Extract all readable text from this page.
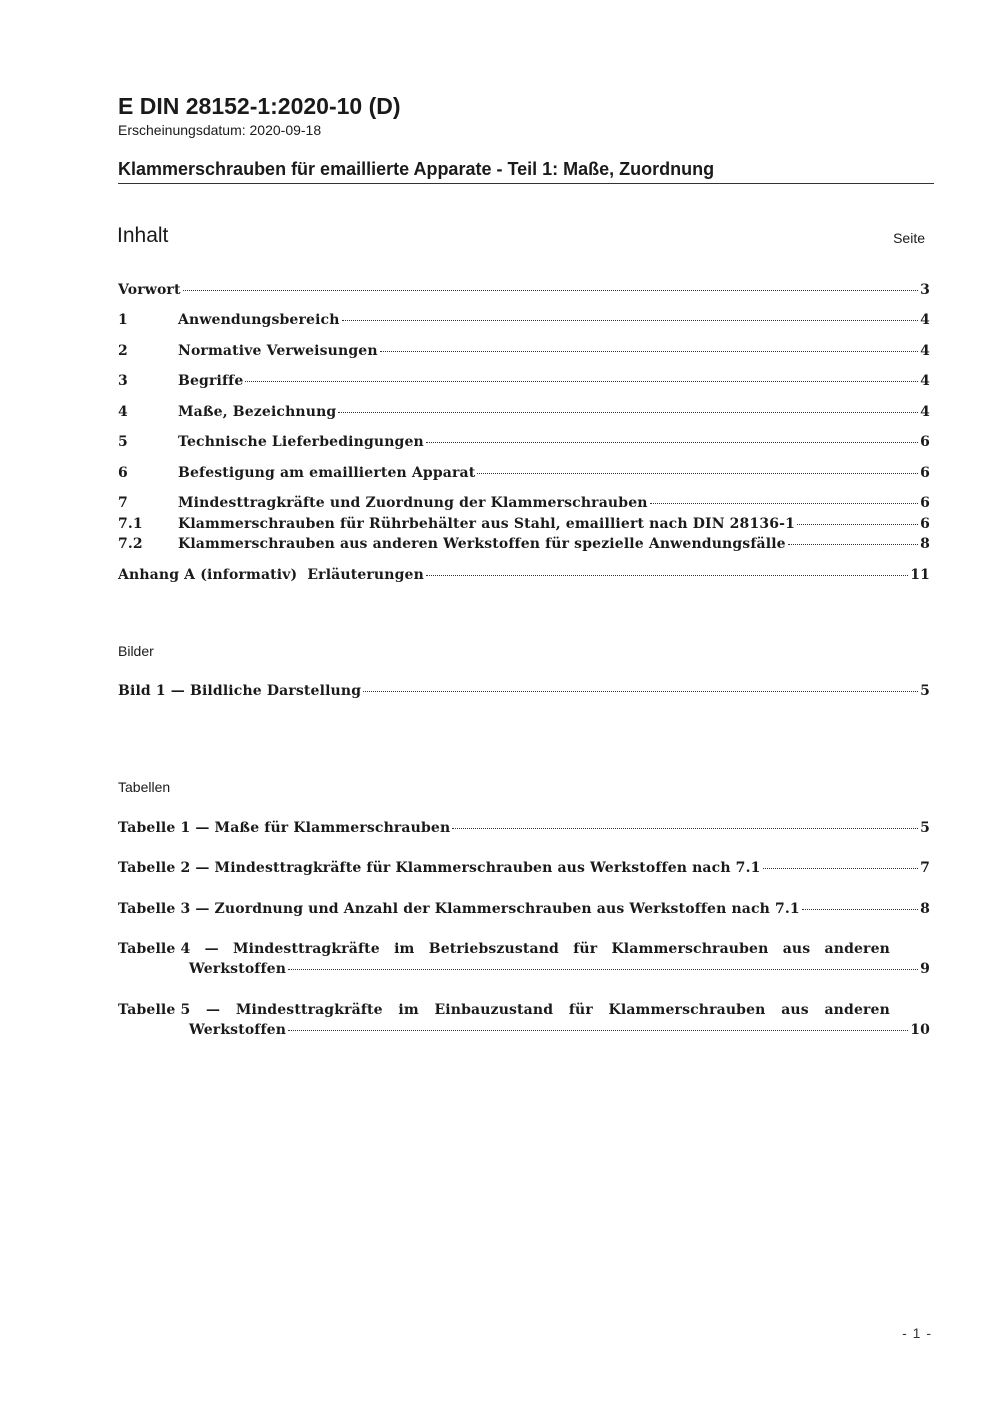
E DIN 28152-1:2020-10 (D)
Erscheinungsdatum: 2020-09-18
Klammerschrauben für emaillierte Apparate - Teil 1: Maße, Zuordnung
Inhalt	Seite
Vorwort	3
1	Anwendungsbereich	4
2	Normative Verweisungen	4
3	Begriffe	4
4	Maße, Bezeichnung	4
5	Technische Lieferbedingungen	6
6	Befestigung am emaillierten Apparat	6
7	Mindesttragkräfte und Zuordnung der Klammerschrauben	6
7.1	Klammerschrauben für Rührbehälter aus Stahl, emailliert nach DIN 28136-1	6
7.2	Klammerschrauben aus anderen Werkstoffen für spezielle Anwendungsfälle	8
Anhang A (informativ)  Erläuterungen	11
Bilder
Bild 1 — Bildliche Darstellung	5
Tabellen
Tabelle 1 — Maße für Klammerschrauben	5
Tabelle 2 — Mindesttragkräfte für Klammerschrauben aus Werkstoffen nach 7.1	7
Tabelle 3 — Zuordnung und Anzahl der Klammerschrauben aus Werkstoffen nach 7.1	8
Tabelle 4 — Mindesttragkräfte im Betriebszustand für Klammerschrauben aus anderen
Werkstoffen	9
Tabelle 5 — Mindesttragkräfte im Einbauzustand für Klammerschrauben aus anderen
Werkstoffen	10
- 1 -
